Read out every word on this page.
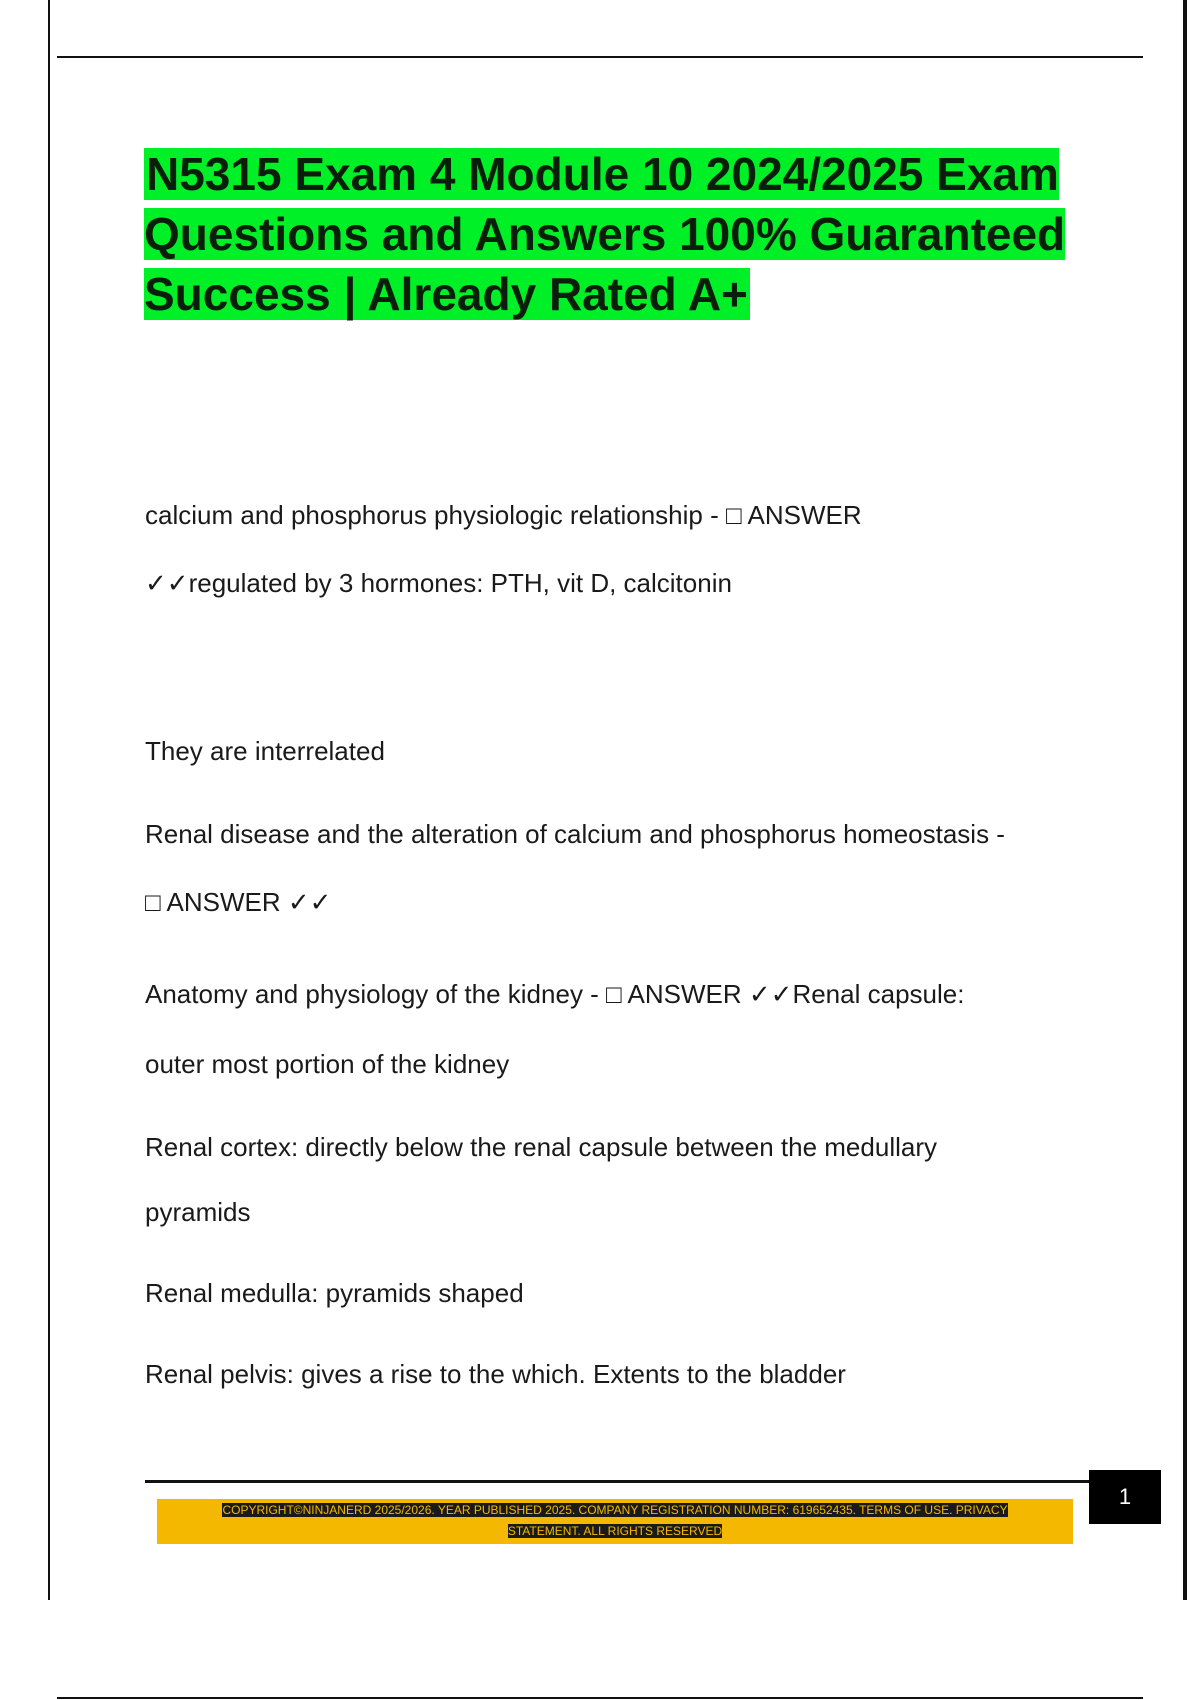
N5315 Exam 4 Module 10 2024/2025 Exam Questions and Answers 100% Guaranteed Success | Already Rated A+
calcium and phosphorus physiologic relationship - □ ANSWER
✓✓regulated by 3 hormones: PTH, vit D, calcitonin
They are interrelated
Renal disease and the alteration of calcium and phosphorus homeostasis -
□ ANSWER ✓✓
Anatomy and physiology of the kidney - □ ANSWER ✓✓Renal capsule:
outer most portion of the kidney
Renal cortex: directly below the renal capsule between the medullary
pyramids
Renal medulla: pyramids shaped
Renal pelvis: gives a rise to the which. Extents to the bladder
1
COPYRIGHT©NINJANERD 2025/2026. YEAR PUBLISHED 2025. COMPANY REGISTRATION NUMBER: 619652435. TERMS OF USE. PRIVACY
STATEMENT. ALL RIGHTS RESERVED
